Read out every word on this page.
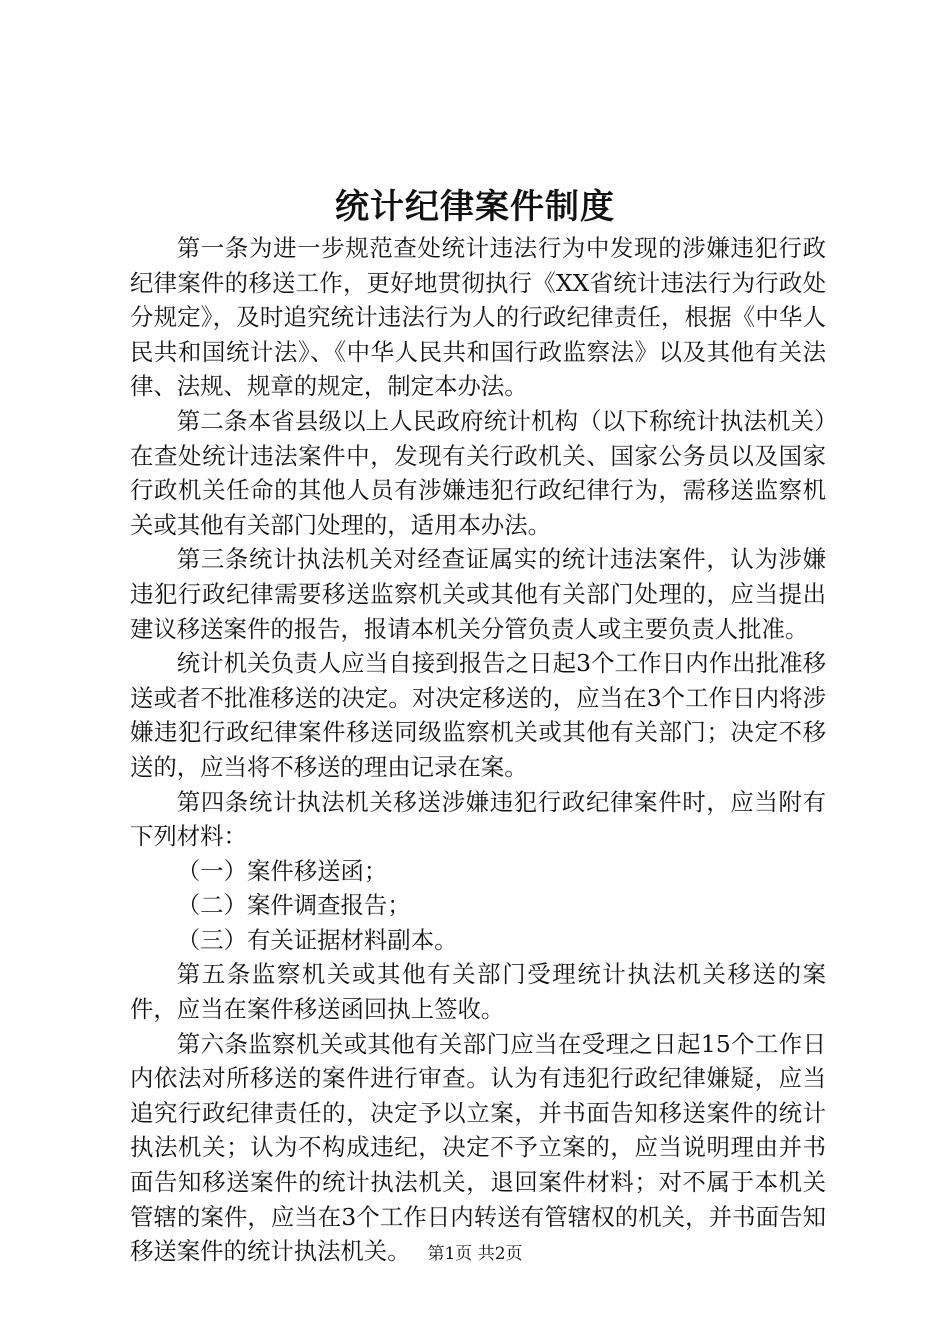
统计纪律案件制度

第一条为进一步规范查处统计违法行为中发现的涉嫌违犯行政纪律案件的移送工作，更好地贯彻执行《XX省统计违法行为行政处分规定》，及时追究统计违法行为人的行政纪律责任，根据《中华人民共和国统计法》、《中华人民共和国行政监察法》以及其他有关法律、法规、规章的规定，制定本办法。

第二条本省县级以上人民政府统计机构（以下称统计执法机关）在查处统计违法案件中，发现有关行政机关、国家公务员以及国家行政机关任命的其他人员有涉嫌违犯行政纪律行为，需移送监察机关或其他有关部门处理的，适用本办法。

第三条统计执法机关对经查证属实的统计违法案件，认为涉嫌违犯行政纪律需要移送监察机关或其他有关部门处理的，应当提出建议移送案件的报告，报请本机关分管负责人或主要负责人批准。

统计机关负责人应当自接到报告之日起3个工作日内作出批准移送或者不批准移送的决定。对决定移送的，应当在3个工作日内将涉嫌违犯行政纪律案件移送同级监察机关或其他有关部门；决定不移送的，应当将不移送的理由记录在案。

第四条统计执法机关移送涉嫌违犯行政纪律案件时，应当附有下列材料：

（一）案件移送函；

（二）案件调查报告；

（三）有关证据材料副本。

第五条监察机关或其他有关部门受理统计执法机关移送的案件，应当在案件移送函回执上签收。

第六条监察机关或其他有关部门应当在受理之日起15个工作日内依法对所移送的案件进行审查。认为有违犯行政纪律嫌疑，应当追究行政纪律责任的，决定予以立案，并书面告知移送案件的统计执法机关；认为不构成违纪，决定不予立案的，应当说明理由并书面告知移送案件的统计执法机关，退回案件材料；对不属于本机关管辖的案件，应当在3个工作日内转送有管辖权的机关，并书面告知移送案件的统计执法机关。 第1页 共2页
